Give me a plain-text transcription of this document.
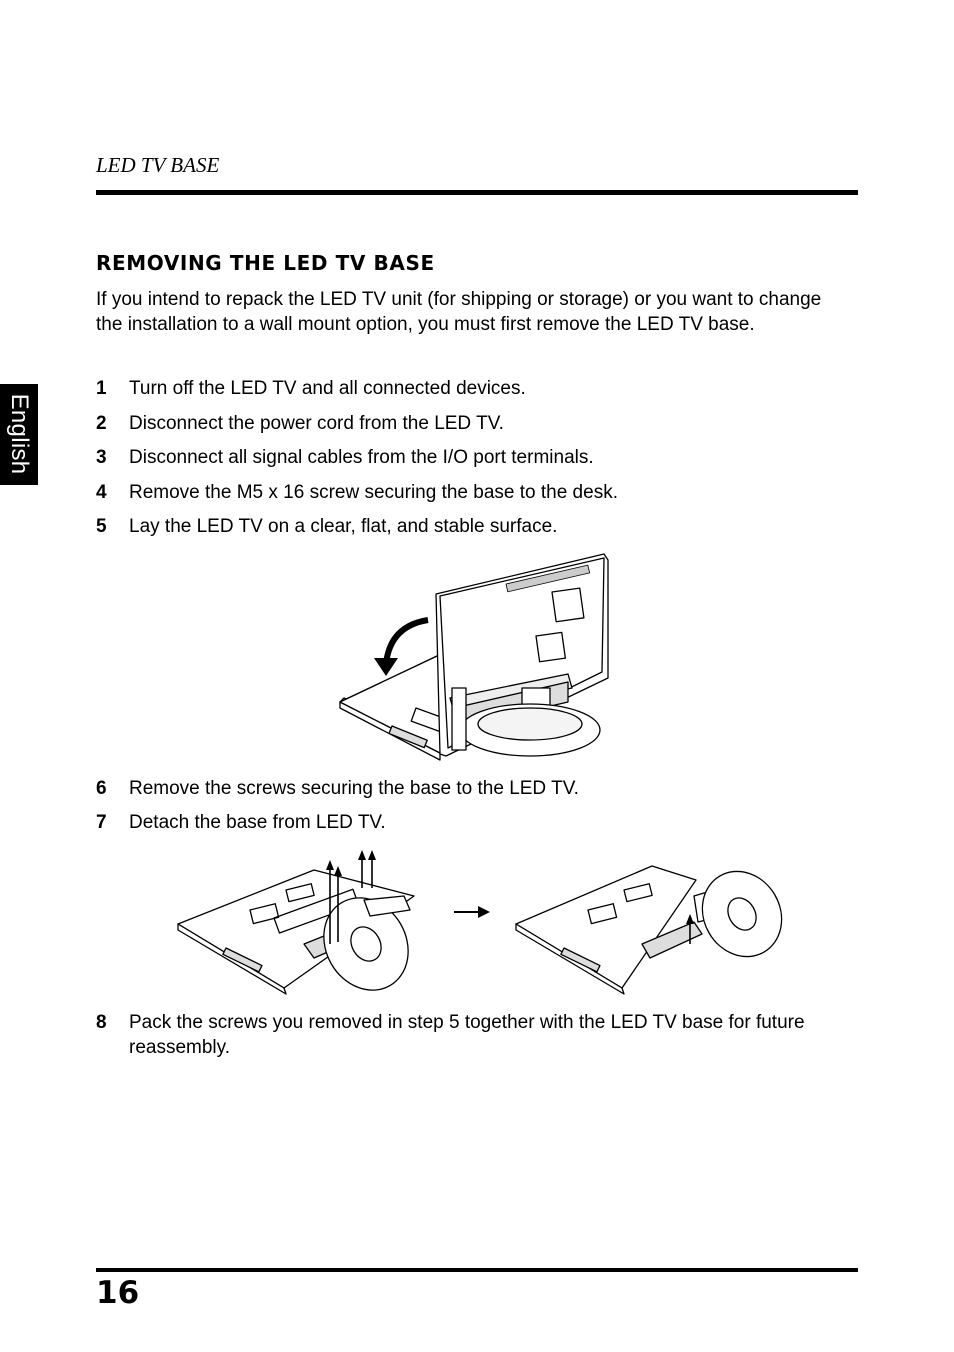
LED TV BASE
English
REMOVING THE LED TV BASE
If you intend to repack the LED TV unit (for shipping or storage) or you want to change the installation to a wall mount option, you must first remove the LED TV base.
1 Turn off the LED TV and all connected devices.
2 Disconnect the power cord from the LED TV.
3 Disconnect all signal cables from the I/O port terminals.
4 Remove the M5 x 16 screw securing the base to the desk.
5 Lay the LED TV on a clear, flat, and stable surface.
6 Remove the screws securing the base to the LED TV.
7 Detach the base from LED TV.
8 Pack the screws you removed in step 5 together with the LED TV base for future reassembly.
16
